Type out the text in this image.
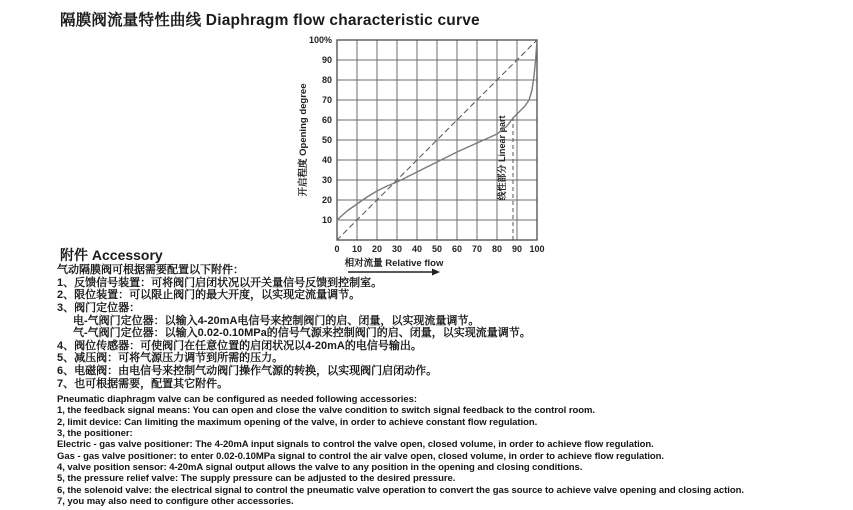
隔膜阀流量特性曲线 Diaphragm flow characteristic curve
线性部分 Linear part
0 10 20 30 40 50 60 70 80 90 100
100%
90
80
70
60
50
40
30
20
10
开启程度 Opening degree
相对流量 Relative flow
附件 Accessory
气动隔膜阀可根据需要配置以下附件：
1、反馈信号装置：可将阀门启闭状况以开关量信号反馈到控制室。
2、限位装置：可以限止阀门的最大开度，以实现定流量调节。
3、阀门定位器：
电-气阀门定位器：以输入4-20mA电信号来控制阀门的启、闭量，以实现流量调节。
气-气阀门定位器：以输入0.02-0.10MPa的信号气源来控制阀门的启、闭量，以实现流量调节。
4、阀位传感器：可使阀门在任意位置的启闭状况以4-20mA的电信号输出。
5、减压阀：可将气源压力调节到所需的压力。
6、电磁阀：由电信号来控制气动阀门操作气源的转换，以实现阀门启闭动作。
7、也可根据需要，配置其它附件。
Pneumatic diaphragm valve can be configured as needed following accessories:
1, the feedback signal means: You can open and close the valve condition to switch signal feedback to the control room.
2, limit device: Can limiting the maximum opening of the valve, in order to achieve constant flow regulation.
3, the positioner:
Electric - gas valve positioner: The 4-20mA input signals to control the valve open, closed volume, in order to achieve flow regulation.
Gas - gas valve positioner: to enter 0.02-0.10MPa signal to control the air valve open, closed volume, in order to achieve flow regulation.
4, valve position sensor: 4-20mA signal output allows the valve to any position in the opening and closing conditions.
5, the pressure relief valve: The supply pressure can be adjusted to the desired pressure.
6, the solenoid valve: the electrical signal to control the pneumatic valve operation to convert the gas source to achieve valve opening and closing action.
7, you may also need to configure other accessories.
